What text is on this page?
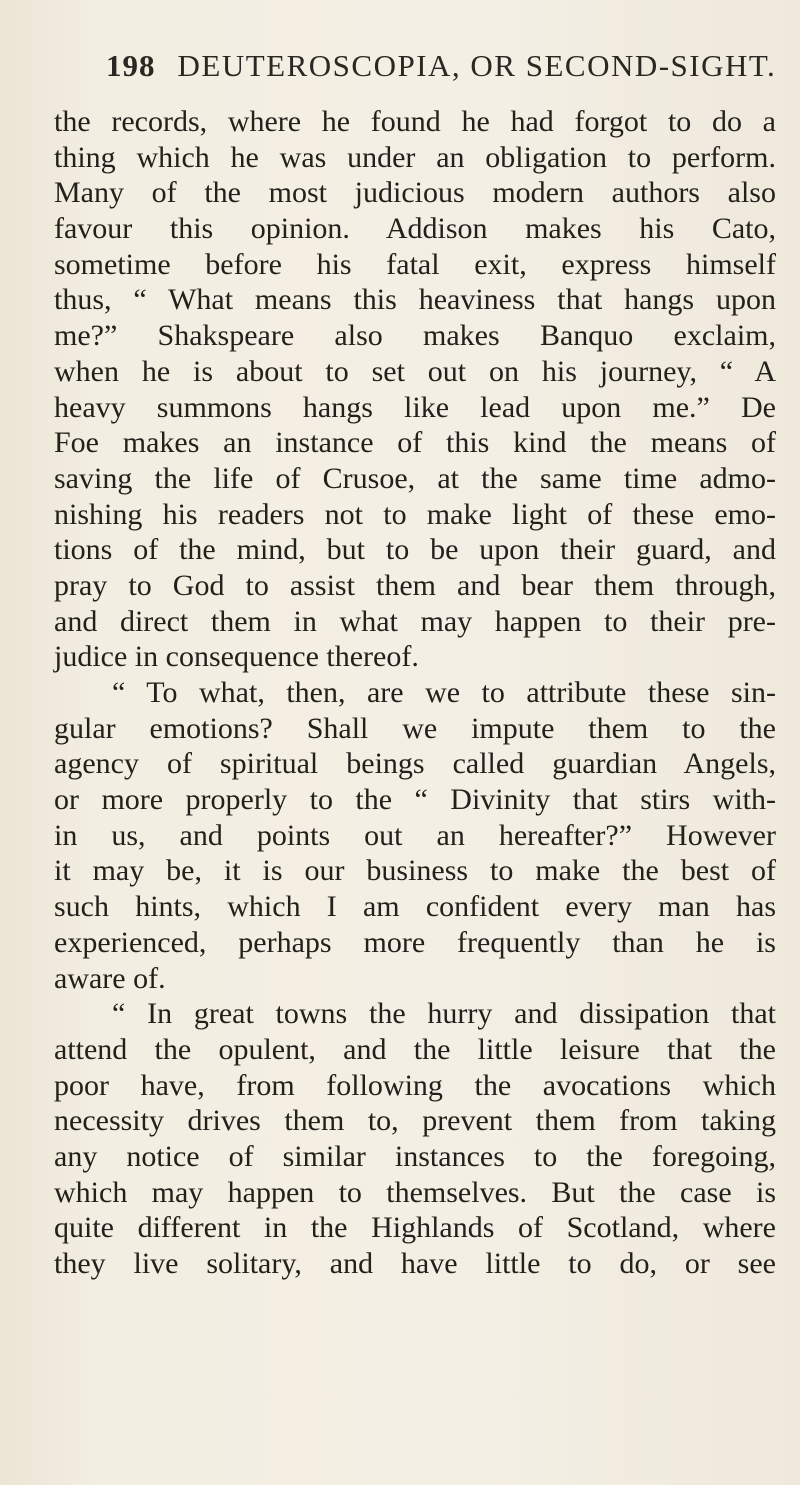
198 DEUTEROSCOPIA, OR SECOND-SIGHT.
the records, where he found he had forgot to do a
thing which he was under an obligation to perform.
Many of the most judicious modern authors also
favour this opinion. Addison makes his Cato,
sometime before his fatal exit, express himself
thus, “ What means this heaviness that hangs upon
me?” Shakspeare also makes Banquo exclaim,
when he is about to set out on his journey, “ A
heavy summons hangs like lead upon me.” De
Foe makes an instance of this kind the means of
saving the life of Crusoe, at the same time admo-
nishing his readers not to make light of these emo-
tions of the mind, but to be upon their guard, and
pray to God to assist them and bear them through,
and direct them in what may happen to their pre-
judice in consequence thereof.
“ To what, then, are we to attribute these sin-
gular emotions? Shall we impute them to the
agency of spiritual beings called guardian Angels,
or more properly to the “ Divinity that stirs with-
in us, and points out an hereafter?” However
it may be, it is our business to make the best of
such hints, which I am confident every man has
experienced, perhaps more frequently than he is
aware of.
“ In great towns the hurry and dissipation that
attend the opulent, and the little leisure that the
poor have, from following the avocations which
necessity drives them to, prevent them from taking
any notice of similar instances to the foregoing,
which may happen to themselves. But the case is
quite different in the Highlands of Scotland, where
they live solitary, and have little to do, or see
